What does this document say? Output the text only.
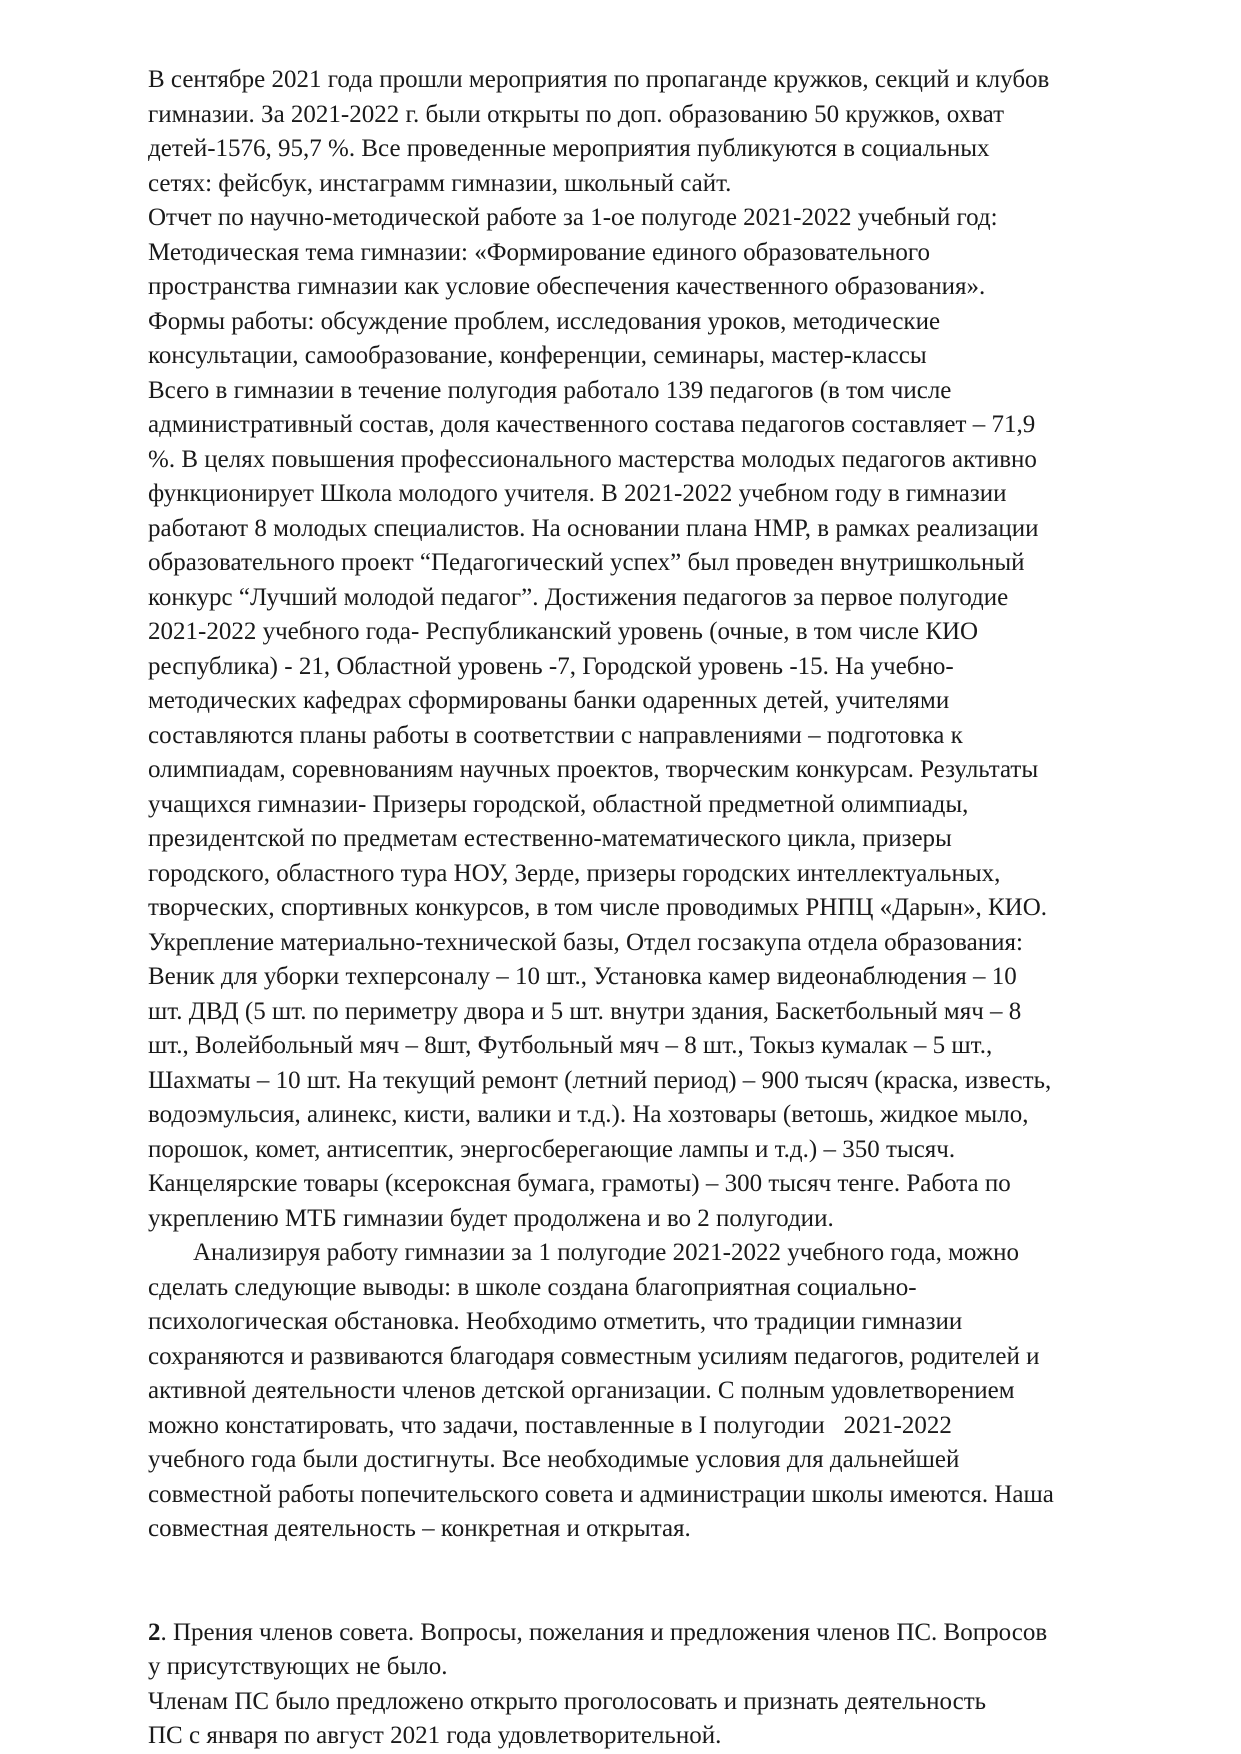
В сентябре 2021 года прошли мероприятия по пропаганде кружков, секций и клубов
гимназии. За 2021-2022 г. были открыты по доп. образованию 50 кружков, охват
детей-1576, 95,7 %. Все проведенные мероприятия публикуются в социальных
сетях: фейсбук, инстаграмм гимназии, школьный сайт.
Отчет по научно-методической работе за 1-ое полугоде 2021-2022 учебный год:
Методическая тема гимназии: «Формирование единого образовательного
пространства гимназии как условие обеспечения качественного образования».
Формы работы: обсуждение проблем, исследования уроков, методические
консультации, самообразование, конференции, семинары, мастер-классы
Всего в гимназии в течение полугодия работало 139 педагогов (в том числе
административный состав, доля качественного состава педагогов составляет – 71,9
%. В целях повышения профессионального мастерства молодых педагогов активно
функционирует Школа молодого учителя. В 2021-2022 учебном году в гимназии
работают 8 молодых специалистов. На основании плана НМР, в рамках реализации
образовательного проект “Педагогический успех” был проведен внутришкольный
конкурс “Лучший молодой педагог”. Достижения педагогов за первое полугодие
2021-2022 учебного года- Республиканский уровень (очные, в том числе КИО
республика) - 21, Областной уровень -7, Городской уровень -15. На учебно-
методических кафедрах сформированы банки одаренных детей, учителями
составляются планы работы в соответствии с направлениями – подготовка к
олимпиадам, соревнованиям научных проектов, творческим конкурсам. Результаты
учащихся гимназии- Призеры городской, областной предметной олимпиады,
президентской по предметам естественно-математического цикла, призеры
городского, областного тура НОУ, Зерде, призеры городских интеллектуальных,
творческих, спортивных конкурсов, в том числе проводимых РНПЦ «Дарын», КИО.
Укрепление материально-технической базы, Отдел госзакупа отдела образования:
Веник для уборки техперсоналу – 10 шт., Установка камер видеонаблюдения – 10
шт. ДВД (5 шт. по периметру двора и 5 шт. внутри здания, Баскетбольный мяч – 8
шт., Волейбольный мяч – 8шт, Футбольный мяч – 8 шт., Токыз кумалак – 5 шт.,
Шахматы – 10 шт. На текущий ремонт (летний период) – 900 тысяч (краска, известь,
водоэмульсия, алинекс, кисти, валики и т.д.). На хозтовары (ветошь, жидкое мыло,
порошок, комет, антисептик, энергосберегающие лампы и т.д.) – 350 тысяч.
Канцелярские товары (ксероксная бумага, грамоты) – 300 тысяч тенге. Работа по
укреплению МТБ гимназии будет продолжена и во 2 полугодии.
Анализируя работу гимназии за 1 полугодие 2021-2022 учебного года, можно
сделать следующие выводы: в школе создана благоприятная социально-
психологическая обстановка. Необходимо отметить, что традиции гимназии
сохраняются и развиваются благодаря совместным усилиям педагогов, родителей и
активной деятельности членов детской организации. С полным удовлетворением
можно констатировать, что задачи, поставленные в I полугодии   2021-2022
учебного года были достигнуты. Все необходимые условия для дальнейшей
совместной работы попечительского совета и администрации школы имеются. Наша
совместная деятельность – конкретная и открытая.
2. Прения членов совета. Вопросы, пожелания и предложения членов ПС. Вопросов
у присутствующих не было.
Членам ПС было предложено открыто проголосовать и признать деятельность
ПС с января по август 2021 года удовлетворительной.
